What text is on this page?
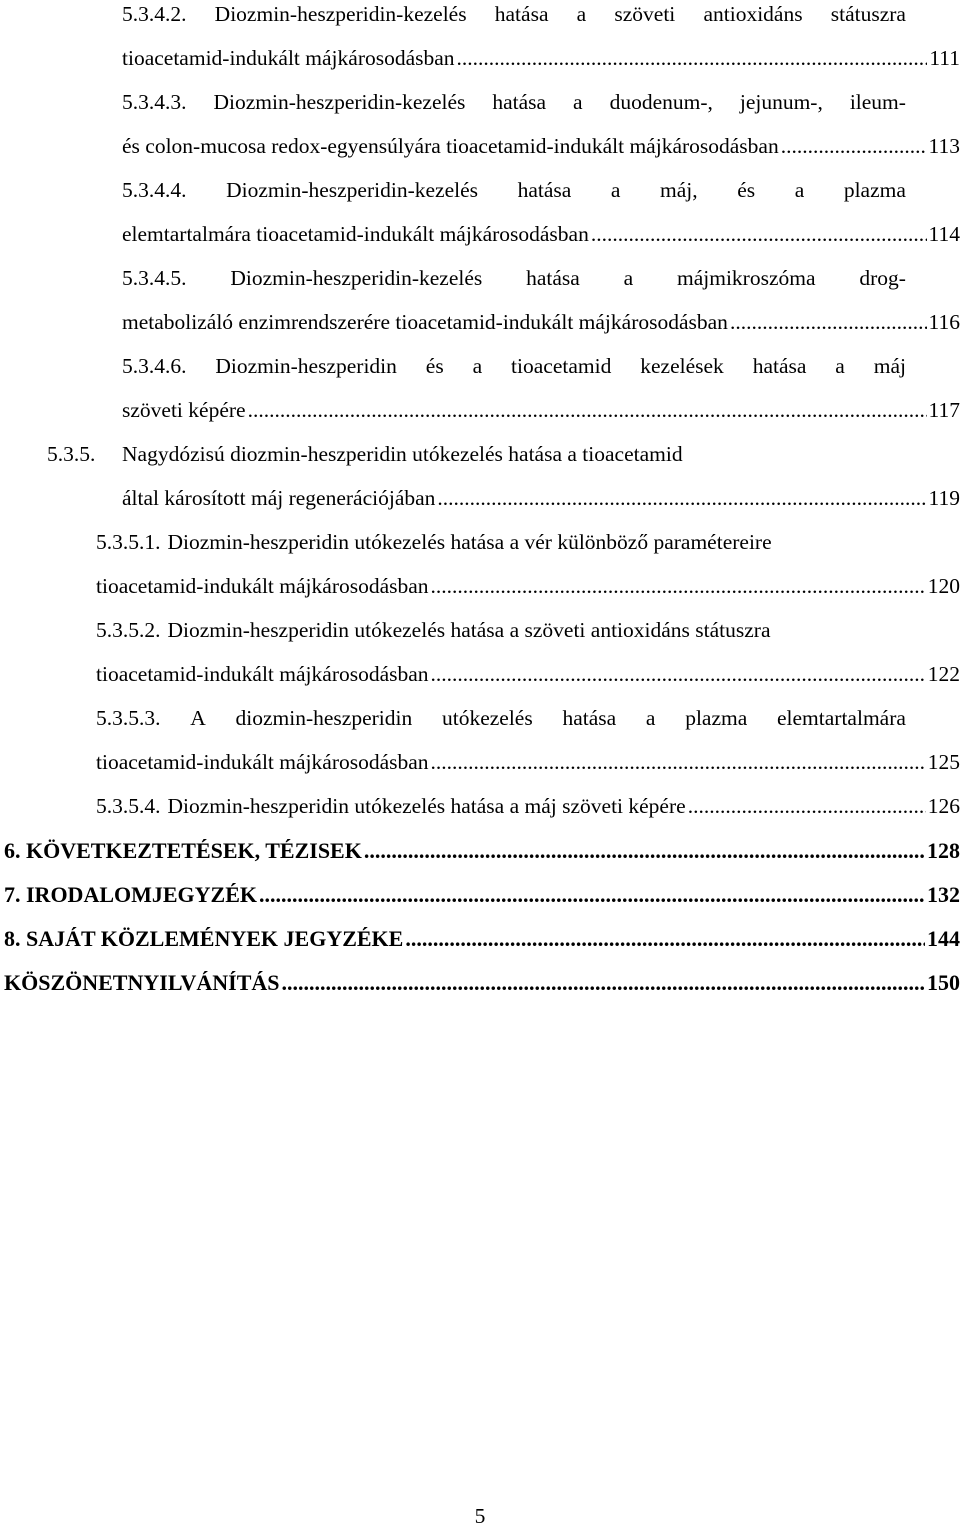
5.3.4.2. Diozmin-heszperidin-kezelés hatása a szöveti antioxidáns státuszra
tioacetamid-indukált májkárosodásban .....	111
5.3.4.3. Diozmin-heszperidin-kezelés hatása a duodenum-, jejunum-, ileum-
és colon-mucosa redox-egyensúlyára tioacetamid-indukált májkárosodásban .....	113
5.3.4.4. Diozmin-heszperidin-kezelés hatása a máj, és a plazma
elemtartalmára tioacetamid-indukált májkárosodásban .....	114
5.3.4.5. Diozmin-heszperidin-kezelés hatása a májmikroszóma drog-
metabolizáló enzimrendszerére tioacetamid-indukált májkárosodásban .....	116
5.3.4.6. Diozmin-heszperidin és a tioacetamid kezelések hatása a máj
szöveti képére .....	117
5.3.5.	Nagydózisú diozmin-heszperidin utókezelés hatása a tioacetamid
által károsított máj regenerációjában .....	119
5.3.5.1. Diozmin-heszperidin utókezelés hatása a vér különböző paramétereire
tioacetamid-indukált májkárosodásban .....	120
5.3.5.2. Diozmin-heszperidin utókezelés hatása a szöveti antioxidáns státuszra
tioacetamid-indukált májkárosodásban .....	122
5.3.5.3. A diozmin-heszperidin utókezelés hatása a plazma elemtartalmára
tioacetamid-indukált májkárosodásban .....	125
5.3.5.4. Diozmin-heszperidin utókezelés hatása a máj szöveti képére .....	126
6. KÖVETKEZTETÉSEK, TÉZISEK .....	128
7. IRODALOMJEGYZÉK .....	132
8. SAJÁT KÖZLEMÉNYEK JEGYZÉKE .....	144
KÖSZÖNETNYILVÁNÍTÁS .....	150
5
